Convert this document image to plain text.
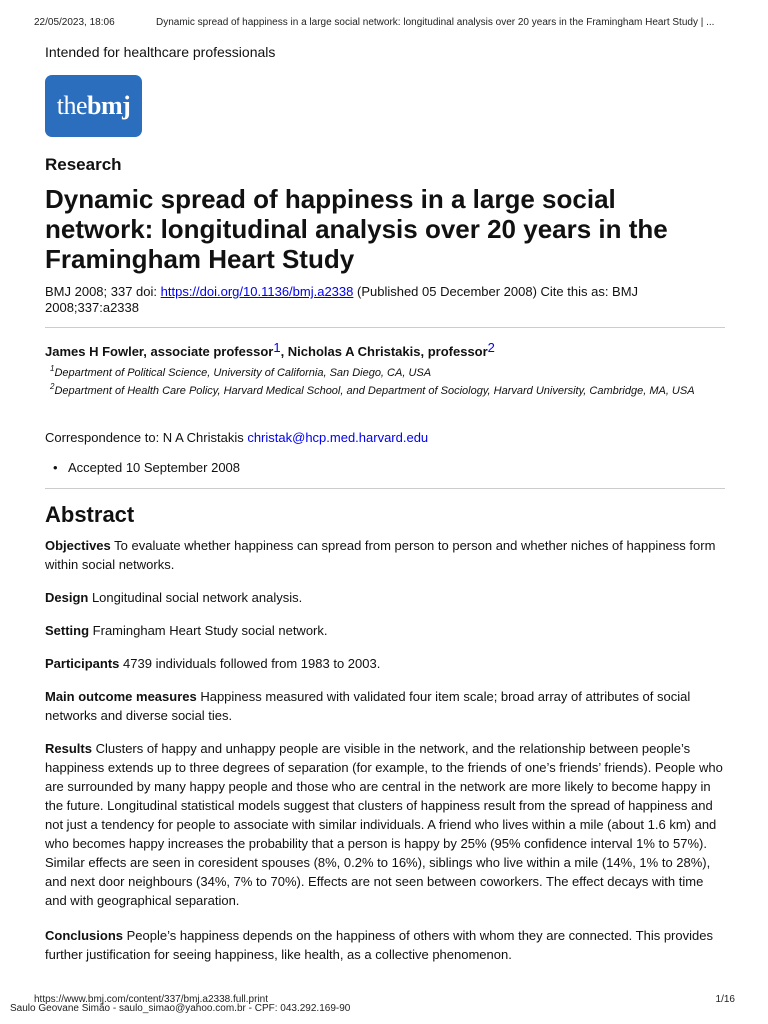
22/05/2023, 18:06	Dynamic spread of happiness in a large social network: longitudinal analysis over 20 years in the Framingham Heart Study | ...
Intended for healthcare professionals
the bmj
Research
Dynamic spread of happiness in a large social network: longitudinal analysis over 20 years in the Framingham Heart Study
BMJ 2008; 337 doi: https://doi.org/10.1136/bmj.a2338 (Published 05 December 2008) Cite this as: BMJ 2008;337:a2338
James H Fowler, associate professor$^1$, Nicholas A Christakis, professor$^2$
$^1$Department of Political Science, University of California, San Diego, CA, USA
$^2$Department of Health Care Policy, Harvard Medical School, and Department of Sociology, Harvard University, Cambridge, MA, USA
Correspondence to: N A Christakis christak@hcp.med.harvard.edu
• Accepted 10 September 2008
Abstract

Objectives To evaluate whether happiness can spread from person to person and whether niches of happiness form within social networks.

Design Longitudinal social network analysis.

Setting Framingham Heart Study social network.

Participants 4739 individuals followed from 1983 to 2003.

Main outcome measures Happiness measured with validated four item scale; broad array of attributes of social networks and diverse social ties.

Results Clusters of happy and unhappy people are visible in the network, and the relationship between people’s happiness extends up to three degrees of separation (for example, to the friends of one’s friends’ friends). People who are surrounded by many happy people and those who are central in the network are more likely to become happy in the future. Longitudinal statistical models suggest that clusters of happiness result from the spread of happiness and not just a tendency for people to associate with similar individuals. A friend who lives within a mile (about 1.6 km) and who becomes happy increases the probability that a person is happy by 25% (95% confidence interval 1% to 57%). Similar effects are seen in coresident spouses (8%, 0.2% to 16%), siblings who live within a mile (14%, 1% to 28%), and next door neighbours (34%, 7% to 70%). Effects are not seen between coworkers. The effect decays with time and with geographical separation.

Conclusions People’s happiness depends on the happiness of others with whom they are connected. This provides further justification for seeing happiness, like health, as a collective phenomenon.

https://www.bmj.com/content/337/bmj.a2338.full.print	1/16
Saulo Geovane Simão - saulo_simao@yahoo.com.br - CPF: 043.292.169-90
